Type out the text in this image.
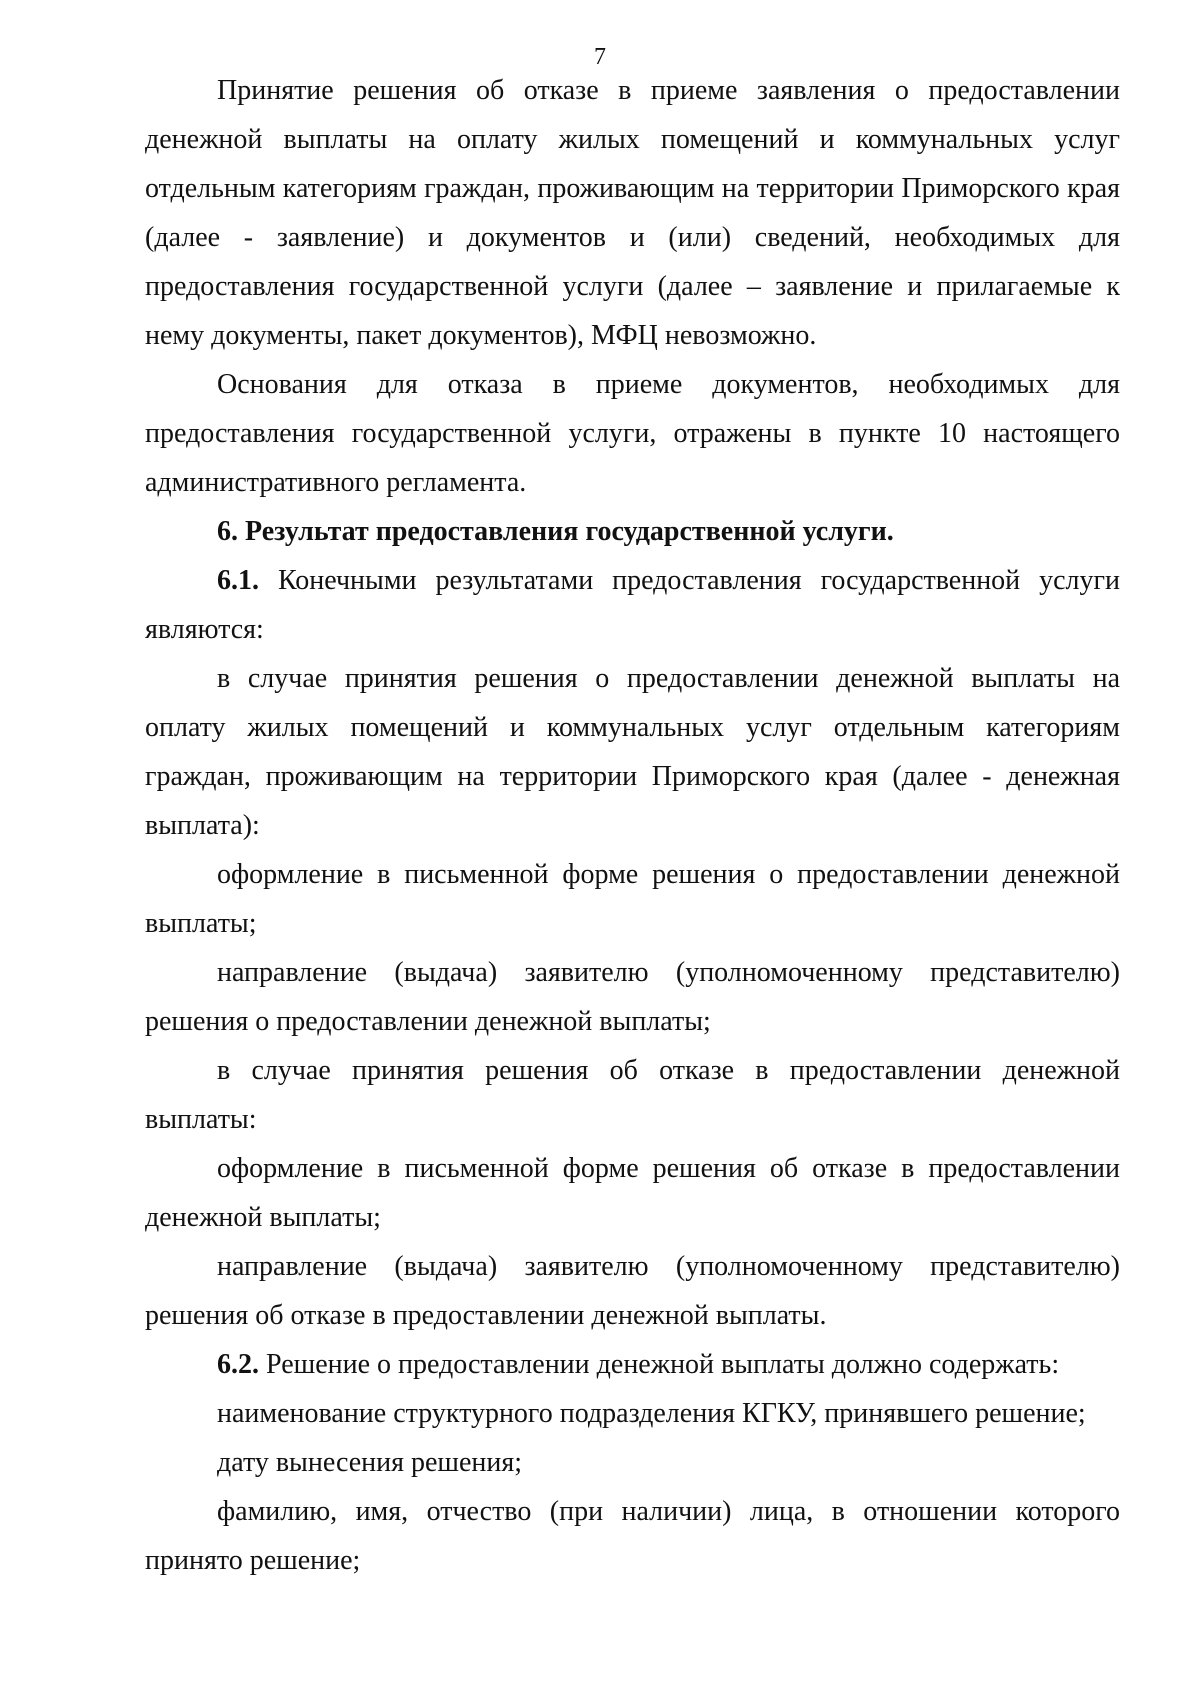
7

Принятие решения об отказе в приеме заявления о предоставлении денежной выплаты на оплату жилых помещений и коммунальных услуг отдельным категориям граждан, проживающим на территории Приморского края (далее - заявление) и документов и (или) сведений, необходимых для предоставления государственной услуги (далее – заявление и прилагаемые к нему документы, пакет документов), МФЦ невозможно.

Основания для отказа в приеме документов, необходимых для предоставления государственной услуги, отражены в пункте 10 настоящего административного регламента.

6. Результат предоставления государственной услуги.

6.1. Конечными результатами предоставления государственной услуги являются:

в случае принятия решения о предоставлении денежной выплаты на оплату жилых помещений и коммунальных услуг отдельным категориям граждан, проживающим на территории Приморского края (далее - денежная выплата):

оформление в письменной форме решения о предоставлении денежной выплаты;

направление (выдача) заявителю (уполномоченному представителю) решения о предоставлении денежной выплаты;

в случае принятия решения об отказе в предоставлении денежной выплаты:

оформление в письменной форме решения об отказе в предоставлении денежной выплаты;

направление (выдача) заявителю (уполномоченному представителю) решения об отказе в предоставлении денежной выплаты.

6.2. Решение о предоставлении денежной выплаты должно содержать:

наименование структурного подразделения КГКУ, принявшего решение;

дату вынесения решения;

фамилию, имя, отчество (при наличии) лица, в отношении которого принято решение;
